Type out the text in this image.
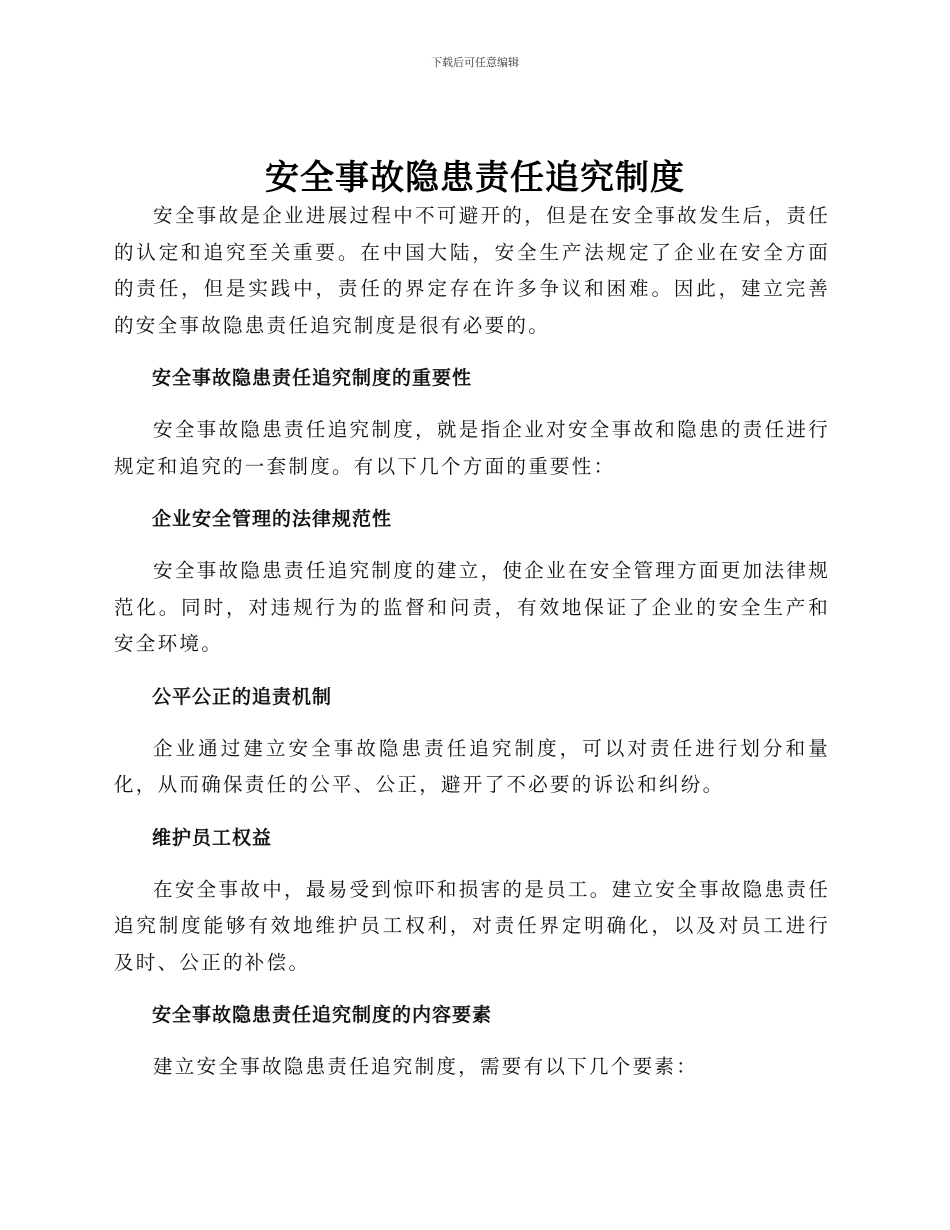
下载后可任意编辑
安全事故隐患责任追究制度

安全事故是企业进展过程中不可避开的，但是在安全事故发生后，责任的认定和追究至关重要。在中国大陆，安全生产法规定了企业在安全方面的责任，但是实践中，责任的界定存在许多争议和困难。因此，建立完善的安全事故隐患责任追究制度是很有必要的。

安全事故隐患责任追究制度的重要性

安全事故隐患责任追究制度，就是指企业对安全事故和隐患的责任进行规定和追究的一套制度。有以下几个方面的重要性：

企业安全管理的法律规范性

安全事故隐患责任追究制度的建立，使企业在安全管理方面更加法律规范化。同时，对违规行为的监督和问责，有效地保证了企业的安全生产和安全环境。

公平公正的追责机制

企业通过建立安全事故隐患责任追究制度，可以对责任进行划分和量化，从而确保责任的公平、公正，避开了不必要的诉讼和纠纷。

维护员工权益

在安全事故中，最易受到惊吓和损害的是员工。建立安全事故隐患责任追究制度能够有效地维护员工权利，对责任界定明确化，以及对员工进行及时、公正的补偿。

安全事故隐患责任追究制度的内容要素

建立安全事故隐患责任追究制度，需要有以下几个要素：
